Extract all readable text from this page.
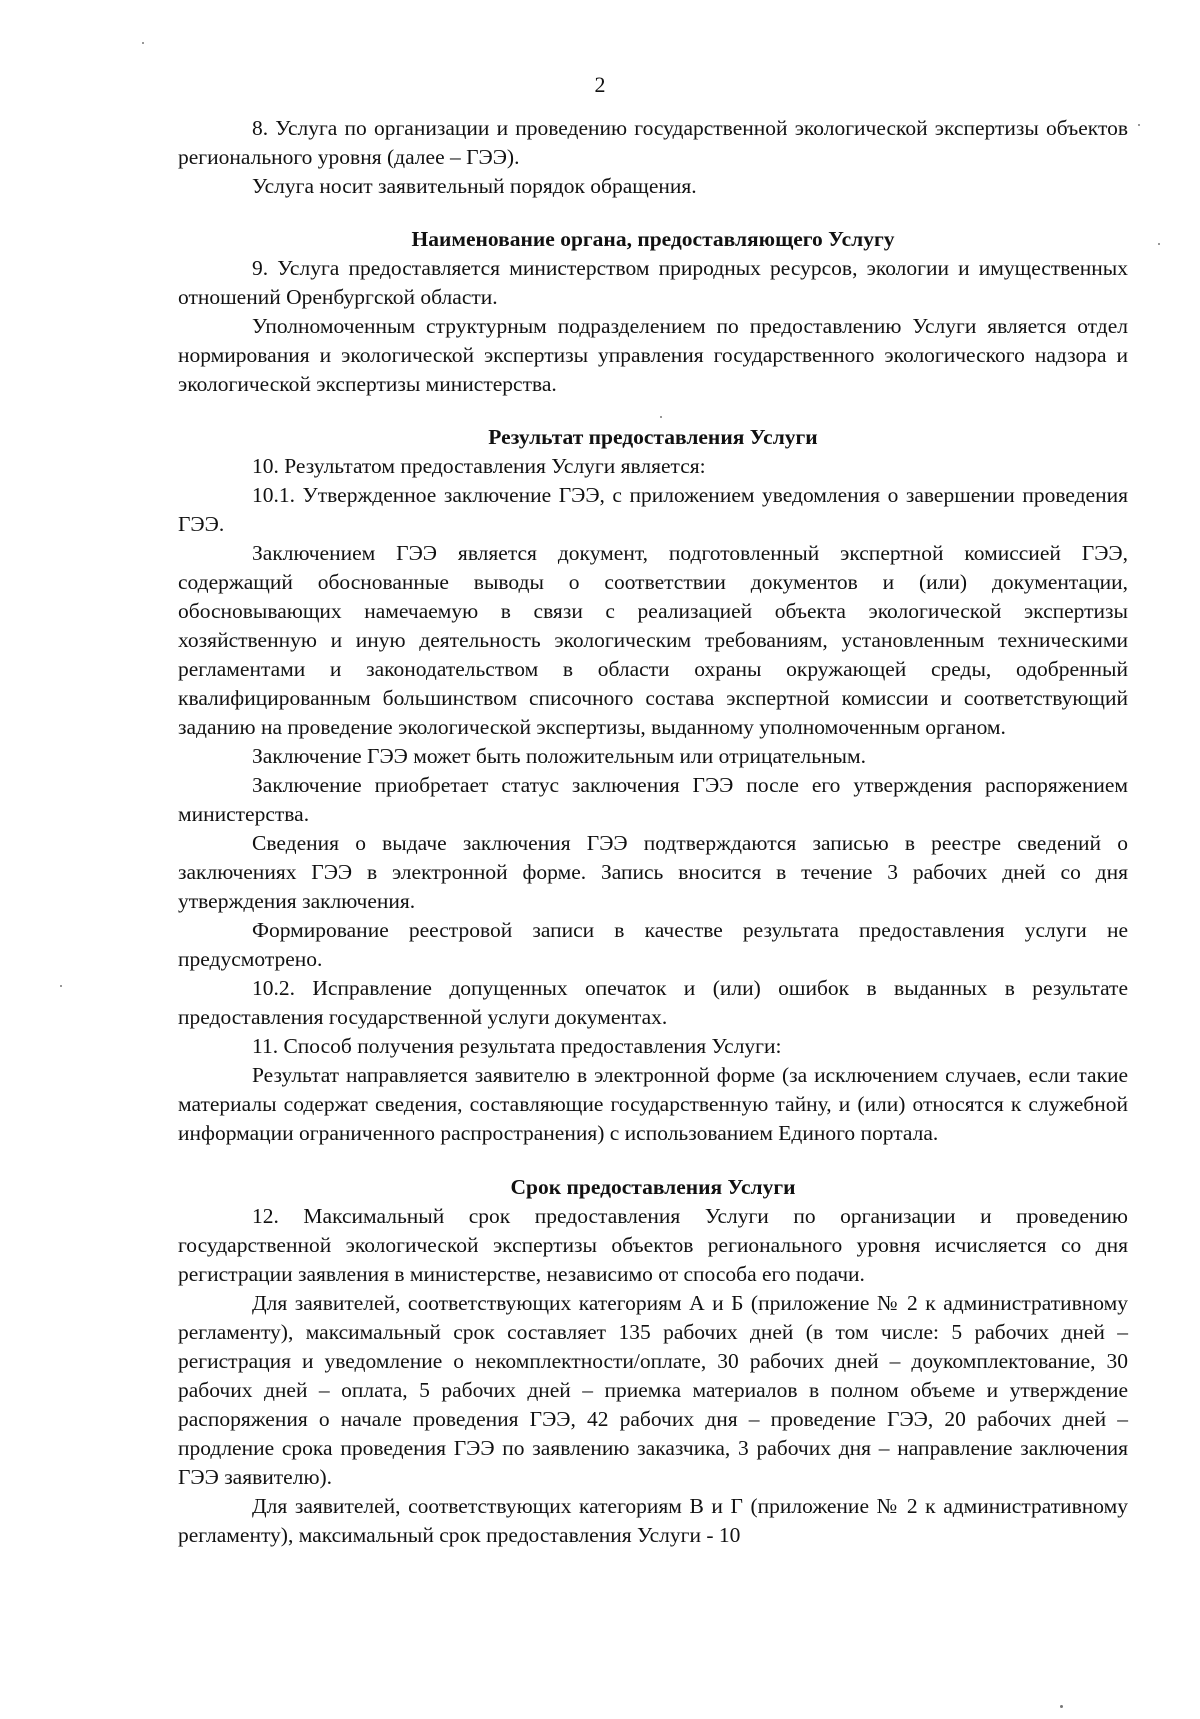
2

8. Услуга по организации и проведению государственной экологической экспертизы объектов регионального уровня (далее – ГЭЭ).

Услуга носит заявительный порядок обращения.

Наименование органа, предоставляющего Услугу

9. Услуга предоставляется министерством природных ресурсов, экологии и имущественных отношений Оренбургской области.

Уполномоченным структурным подразделением по предоставлению Услуги является отдел нормирования и экологической экспертизы управления государственного экологического надзора и экологической экспертизы министерства.

Результат предоставления Услуги

10. Результатом предоставления Услуги является:

10.1. Утвержденное заключение ГЭЭ, с приложением уведомления о завершении проведения ГЭЭ.

Заключением ГЭЭ является документ, подготовленный экспертной комиссией ГЭЭ, содержащий обоснованные выводы о соответствии документов и (или) документации, обосновывающих намечаемую в связи с реализацией объекта экологической экспертизы хозяйственную и иную деятельность экологическим требованиям, установленным техническими регламентами и законодательством в области охраны окружающей среды, одобренный квалифицированным большинством списочного состава экспертной комиссии и соответствующий заданию на проведение экологической экспертизы, выданному уполномоченным органом.

Заключение ГЭЭ может быть положительным или отрицательным.

Заключение приобретает статус заключения ГЭЭ после его утверждения распоряжением министерства.

Сведения о выдаче заключения ГЭЭ подтверждаются записью в реестре сведений о заключениях ГЭЭ в электронной форме. Запись вносится в течение 3 рабочих дней со дня утверждения заключения.

Формирование реестровой записи в качестве результата предоставления услуги не предусмотрено.

10.2. Исправление допущенных опечаток и (или) ошибок в выданных в результате предоставления государственной услуги документах.

11. Способ получения результата предоставления Услуги:

Результат направляется заявителю в электронной форме (за исключением случаев, если такие материалы содержат сведения, составляющие государственную тайну, и (или) относятся к служебной информации ограниченного распространения) с использованием Единого портала.

Срок предоставления Услуги

12. Максимальный срок предоставления Услуги по организации и проведению государственной экологической экспертизы объектов регионального уровня исчисляется со дня регистрации заявления в министерстве, независимо от способа его подачи.

Для заявителей, соответствующих категориям А и Б (приложение № 2 к административному регламенту), максимальный срок составляет 135 рабочих дней (в том числе: 5 рабочих дней – регистрация и уведомление о некомплектности/оплате, 30 рабочих дней – доукомплектование, 30 рабочих дней – оплата, 5 рабочих дней – приемка материалов в полном объеме и утверждение распоряжения о начале проведения ГЭЭ, 42 рабочих дня – проведение ГЭЭ, 20 рабочих дней – продление срока проведения ГЭЭ по заявлению заказчика, 3 рабочих дня – направление заключения ГЭЭ заявителю).

Для заявителей, соответствующих категориям В и Г (приложение № 2 к административному регламенту), максимальный срок предоставления Услуги - 10
